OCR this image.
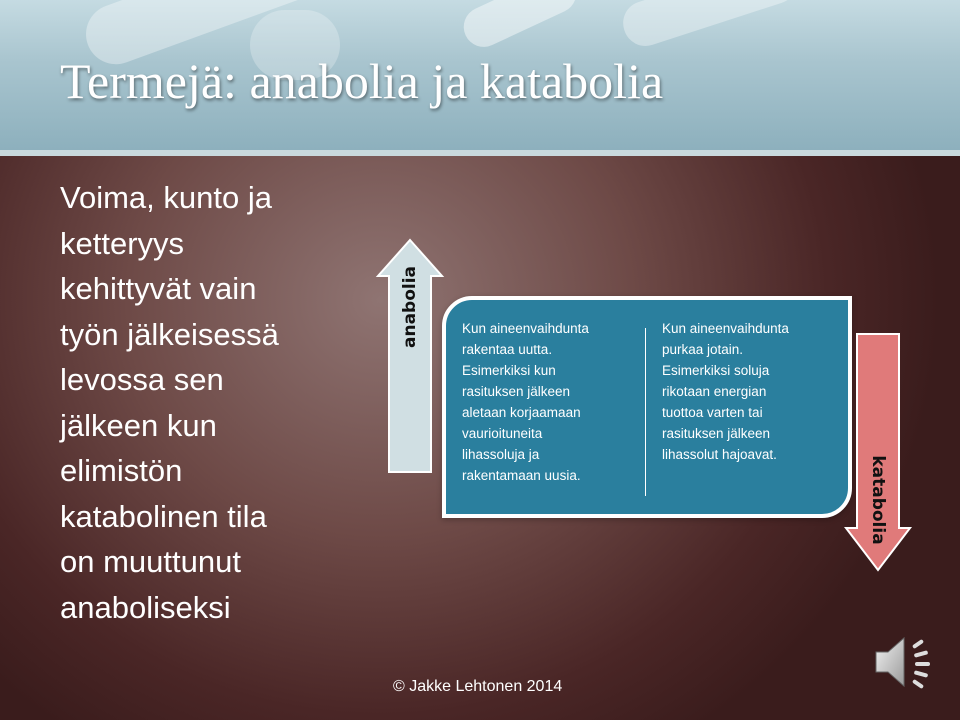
Termejä: anabolia ja katabolia
Voima, kunto ja
ketteryys
kehittyvät vain
työn jälkeisessä
levossa sen
jälkeen kun
elimistön
katabolinen tila
on muuttunut
anaboliseksi
anabolia	Kun aineenvaihdunta
rakentaa uutta.
Esimerkiksi kun
rasituksen jälkeen
aletaan korjaamaan
vaurioituneita
lihassoluja ja
rakentamaan uusia.
Kun aineenvaihdunta
purkaa jotain.
Esimerkiksi soluja
rikotaan energian
tuottoa varten tai
rasituksen jälkeen
lihassolut hajoavat.
katabolia
© Jakke Lehtonen 2014
